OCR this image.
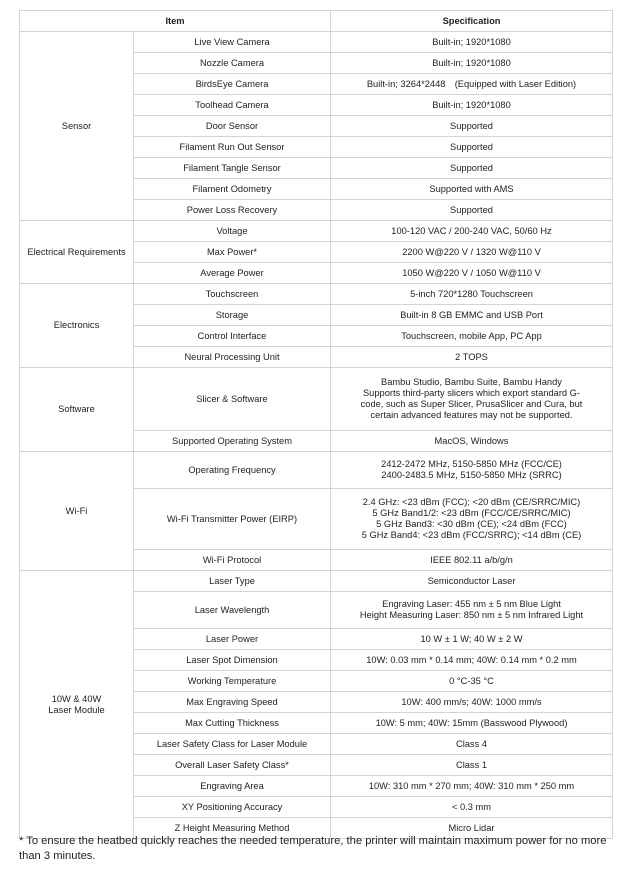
Item		Specification
Sensor	Live View Camera	Built-in; 1920*1080

	Nozzle Camera	Built-in; 1920*1080

	BirdsEye Camera	Built-in; 3264*2448　(Equipped with Laser Edition)

	Toolhead Camera	Built-in; 1920*1080

	Door Sensor	Supported

	Filament Run Out Sensor	Supported

	Filament Tangle Sensor	Supported

	Filament Odometry	Supported with AMS

	Power Loss Recovery	Supported

Electrical Requirements	Voltage	100-120 VAC / 200-240 VAC, 50/60 Hz

	Max Power*	2200 W@220 V / 1320 W@110 V

	Average Power	1050 W@220 V / 1050 W@110 V

Electronics	Touchscreen	5-inch 720*1280 Touchscreen

	Storage	Built-in 8 GB EMMC and USB Port

	Control Interface	Touchscreen, mobile App, PC App

	Neural Processing Unit	2 TOPS

Software	Slicer & Software	Bambu Studio, Bambu Suite, Bambu Handy
Supports third-party slicers which export standard G-code, such as Super Slicer, PrusaSlicer and Cura, but certain advanced features may not be supported.

	Supported Operating System	MacOS, Windows

Wi-Fi	Operating Frequency	2412-2472 MHz, 5150-5850 MHz (FCC/CE)
2400-2483.5 MHz, 5150-5850 MHz (SRRC)

	Wi-Fi Transmitter Power (EIRP)	2.4 GHz: <23 dBm (FCC); <20 dBm (CE/SRRC/MIC)
5 GHz Band1/2: <23 dBm (FCC/CE/SRRC/MIC)
5 GHz Band3: <30 dBm (CE); <24 dBm (FCC)
5 GHz Band4: <23 dBm (FCC/SRRC); <14 dBm (CE)

	Wi-Fi Protocol	IEEE 802.11 a/b/g/n

10W & 40W Laser Module	Laser Type	Semiconductor Laser

	Laser Wavelength	Engraving Laser: 455 nm ± 5 nm Blue Light
Height Measuring Laser: 850 nm ± 5 nm Infrared Light

	Laser Power	10 W ± 1 W; 40 W ± 2 W

	Laser Spot Dimension	10W: 0.03 mm * 0.14 mm; 40W: 0.14 mm * 0.2 mm

	Working Temperature	0 °C-35 °C

	Max Engraving Speed	10W: 400 mm/s; 40W: 1000 mm/s

	Max Cutting Thickness	10W: 5 mm; 40W: 15mm (Basswood Plywood)

	Laser Safety Class for Laser Module	Class 4

	Overall Laser Safety Class*	Class 1

	Engraving Area	10W: 310 mm * 270 mm; 40W: 310 mm * 250 mm

	XY Positioning Accuracy	< 0.3 mm

	Z Height Measuring Method	Micro Lidar
* To ensure the heatbed quickly reaches the needed temperature, the printer will maintain maximum power for no more than 3 minutes.
